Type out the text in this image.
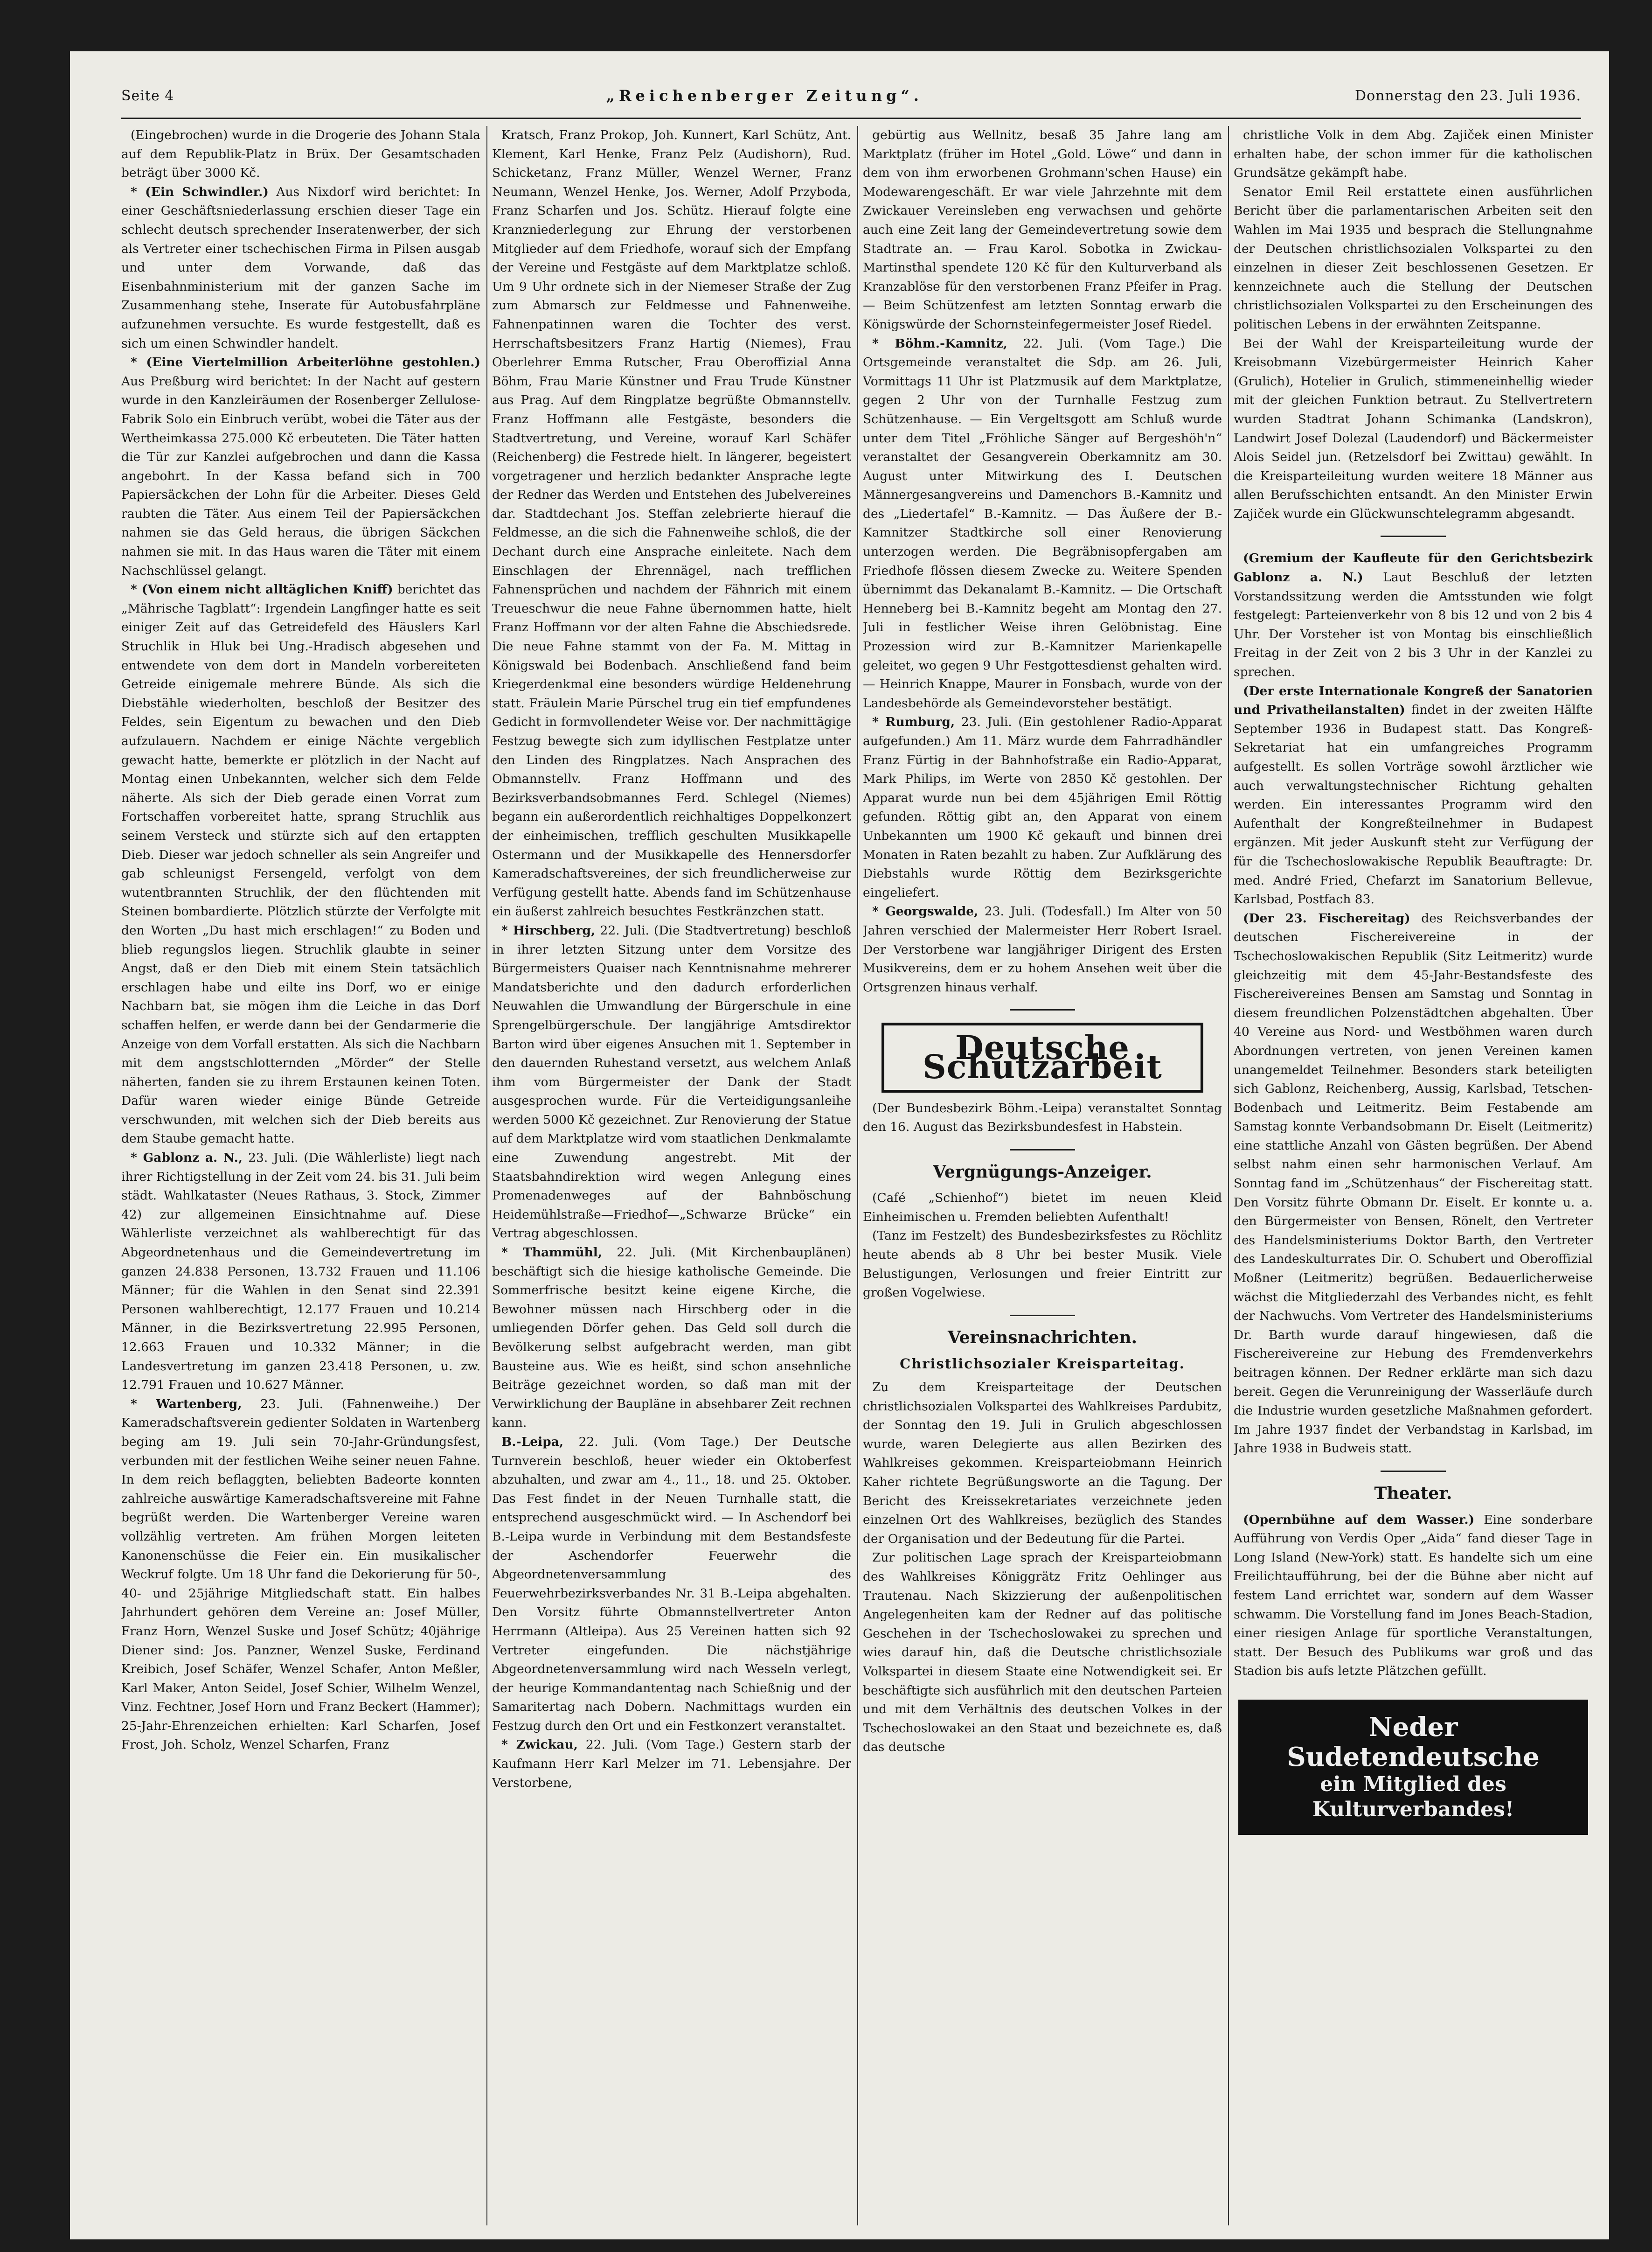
Seite 4	„Reichenberger Zeitung“.	Donnerstag den 23. Juli 1936.

(Eingebrochen) wurde in die Drogerie des Johann Stala auf dem Republik-Platz in Brüx. Der Gesamtschaden beträgt über 3000 Kč.

* (Ein Schwindler.) Aus Nixdorf wird berichtet: In einer Geschäftsniederlassung erschien dieser Tage ein schlecht deutsch sprechender Inseratenwerber, der sich als Vertreter einer tschechischen Firma in Pilsen ausgab und unter dem Vorwande, daß das Eisenbahnministerium mit der ganzen Sache im Zusammenhang stehe, Inserate für Autobusfahrpläne aufzunehmen versuchte. Es wurde festgestellt, daß es sich um einen Schwindler handelt.

* (Eine Viertelmillion Arbeiterlöhne gestohlen.) Aus Preßburg wird berichtet: In der Nacht auf gestern wurde in den Kanzleiräumen der Rosenberger Zellulose-Fabrik Solo ein Einbruch verübt, wobei die Täter aus der Wertheimkassa 275.000 Kč erbeuteten. Die Täter hatten die Tür zur Kanzlei aufgebrochen und dann die Kassa angebohrt. In der Kassa befand sich in 700 Papiersäckchen der Lohn für die Arbeiter. Dieses Geld raubten die Täter. Aus einem Teil der Papiersäckchen nahmen sie das Geld heraus, die übrigen Säckchen nahmen sie mit. In das Haus waren die Täter mit einem Nachschlüssel gelangt.

* (Von einem nicht alltäglichen Kniff) berichtet das „Mährische Tagblatt“: Irgendein Langfinger hatte es seit einiger Zeit auf das Getreidefeld des Häuslers Karl Struchlik in Hluk bei Ung.-Hradisch abgesehen und entwendete von dem dort in Mandeln vorbereiteten Getreide einigemale mehrere Bünde. Als sich die Diebstähle wiederholten, beschloß der Besitzer des Feldes, sein Eigentum zu bewachen und den Dieb aufzulauern. Nachdem er einige Nächte vergeblich gewacht hatte, bemerkte er plötzlich in der Nacht auf Montag einen Unbekannten, welcher sich dem Felde näherte. Als sich der Dieb gerade einen Vorrat zum Fortschaffen vorbereitet hatte, sprang Struchlik aus seinem Versteck und stürzte sich auf den ertappten Dieb. Dieser war jedoch schneller als sein Angreifer und gab schleunigst Fersengeld, verfolgt von dem wutentbrannten Struchlik, der den flüchtenden mit Steinen bombardierte. Plötzlich stürzte der Verfolgte mit den Worten „Du hast mich erschlagen!“ zu Boden und blieb regungslos liegen. Struchlik glaubte in seiner Angst, daß er den Dieb mit einem Stein tatsächlich erschlagen habe und eilte ins Dorf, wo er einige Nachbarn bat, sie mögen ihm die Leiche in das Dorf schaffen helfen, er werde dann bei der Gendarmerie die Anzeige von dem Vorfall erstatten. Als sich die Nachbarn mit dem angstschlotternden „Mörder“ der Stelle näherten, fanden sie zu ihrem Erstaunen keinen Toten. Dafür waren wieder einige Bünde Getreide verschwunden, mit welchen sich der Dieb bereits aus dem Staube gemacht hatte.

* Gablonz a. N., 23. Juli. (Die Wählerliste) liegt nach ihrer Richtigstellung in der Zeit vom 24. bis 31. Juli beim städt. Wahlkataster (Neues Rathaus, 3. Stock, Zimmer 42) zur allgemeinen Einsichtnahme auf. Diese Wählerliste verzeichnet als wahlberechtigt für das Abgeordnetenhaus und die Gemeindevertretung im ganzen 24.838 Personen, 13.732 Frauen und 11.106 Männer; für die Wahlen in den Senat sind 22.391 Personen wahlberechtigt, 12.177 Frauen und 10.214 Männer, in die Bezirksvertretung 22.995 Personen, 12.663 Frauen und 10.332 Männer; in die Landesvertretung im ganzen 23.418 Personen, u. zw. 12.791 Frauen und 10.627 Männer.

* Wartenberg, 23. Juli. (Fahnenweihe.) Der Kameradschaftsverein gedienter Soldaten in Wartenberg beging am 19. Juli sein 70-Jahr-Gründungsfest, verbunden mit der festlichen Weihe seiner neuen Fahne. In dem reich beflaggten, beliebten Badeorte konnten zahlreiche auswärtige Kameradschaftsvereine mit Fahne begrüßt werden. Die Wartenberger Vereine waren vollzählig vertreten. Am frühen Morgen leiteten Kanonenschüsse die Feier ein. Ein musikalischer Weckruf folgte. Um 18 Uhr fand die Dekorierung für 50-, 40- und 25jährige Mitgliedschaft statt. Ein halbes Jahrhundert gehören dem Vereine an: Josef Müller, Franz Horn, Wenzel Suske und Josef Schütz; 40jährige Diener sind: Jos. Panzner, Wenzel Suske, Ferdinand Kreibich, Josef Schäfer, Wenzel Schafer, Anton Meßler, Karl Maker, Anton Seidel, Josef Schier, Wilhelm Wenzel, Vinz. Fechtner, Josef Horn und Franz Beckert (Hammer); 25-Jahr-Ehrenzeichen erhielten: Karl Scharfen, Josef Frost, Joh. Scholz, Wenzel Scharfen, Franz

Kratsch, Franz Prokop, Joh. Kunnert, Karl Schütz, Ant. Klement, Karl Henke, Franz Pelz (Audishorn), Rud. Schicketanz, Franz Müller, Wenzel Werner, Franz Neumann, Wenzel Henke, Jos. Werner, Adolf Przyboda, Franz Scharfen und Jos. Schütz. Hierauf folgte eine Kranzniederlegung zur Ehrung der verstorbenen Mitglieder auf dem Friedhofe, worauf sich der Empfang der Vereine und Festgäste auf dem Marktplatze schloß. Um 9 Uhr ordnete sich in der Niemeser Straße der Zug zum Abmarsch zur Feldmesse und Fahnenweihe. Fahnenpatinnen waren die Tochter des verst. Herrschaftsbesitzers Franz Hartig (Niemes), Frau Oberlehrer Emma Rutscher, Frau Oberoffizial Anna Böhm, Frau Marie Künstner und Frau Trude Künstner aus Prag. Auf dem Ringplatze begrüßte Obmannstellv. Franz Hoffmann alle Festgäste, besonders die Stadtvertretung, und Vereine, worauf Karl Schäfer (Reichenberg) die Festrede hielt. In längerer, begeistert vorgetragener und herzlich bedankter Ansprache legte der Redner das Werden und Entstehen des Jubelvereines dar. Stadtdechant Jos. Steffan zelebrierte hierauf die Feldmesse, an die sich die Fahnenweihe schloß, die der Dechant durch eine Ansprache einleitete. Nach dem Einschlagen der Ehrennägel, nach trefflichen Fahnensprüchen und nachdem der Fähnrich mit einem Treueschwur die neue Fahne übernommen hatte, hielt Franz Hoffmann vor der alten Fahne die Abschiedsrede. Die neue Fahne stammt von der Fa. M. Mittag in Königswald bei Bodenbach. Anschließend fand beim Kriegerdenkmal eine besonders würdige Heldenehrung statt. Fräulein Marie Pürschel trug ein tief empfundenes Gedicht in formvollendeter Weise vor. Der nachmittägige Festzug bewegte sich zum idyllischen Festplatze unter den Linden des Ringplatzes. Nach Ansprachen des Obmannstellv. Franz Hoffmann und des Bezirksverbandsobmannes Ferd. Schlegel (Niemes) begann ein außerordentlich reichhaltiges Doppelkonzert der einheimischen, trefflich geschulten Musikkapelle Ostermann und der Musikkapelle des Hennersdorfer Kameradschaftsvereines, der sich freundlicherweise zur Verfügung gestellt hatte. Abends fand im Schützenhause ein äußerst zahlreich besuchtes Festkränzchen statt.

* Hirschberg, 22. Juli. (Die Stadtvertretung) beschloß in ihrer letzten Sitzung unter dem Vorsitze des Bürgermeisters Quaiser nach Kenntnisnahme mehrerer Mandatsberichte und den dadurch erforderlichen Neuwahlen die Umwandlung der Bürgerschule in eine Sprengelbürgerschule. Der langjährige Amtsdirektor Barton wird über eigenes Ansuchen mit 1. September in den dauernden Ruhestand versetzt, aus welchem Anlaß ihm vom Bürgermeister der Dank der Stadt ausgesprochen wurde. Für die Verteidigungsanleihe werden 5000 Kč gezeichnet. Zur Renovierung der Statue auf dem Marktplatze wird vom staatlichen Denkmalamte eine Zuwendung angestrebt. Mit der Staatsbahndirektion wird wegen Anlegung eines Promenadenweges auf der Bahnböschung Heidemühlstraße—Friedhof—„Schwarze Brücke“ ein Vertrag abgeschlossen.

* Thammühl, 22. Juli. (Mit Kirchenbauplänen) beschäftigt sich die hiesige katholische Gemeinde. Die Sommerfrische besitzt keine eigene Kirche, die Bewohner müssen nach Hirschberg oder in die umliegenden Dörfer gehen. Das Geld soll durch die Bevölkerung selbst aufgebracht werden, man gibt Bausteine aus. Wie es heißt, sind schon ansehnliche Beiträge gezeichnet worden, so daß man mit der Verwirklichung der Baupläne in absehbarer Zeit rechnen kann.

B.-Leipa, 22. Juli. (Vom Tage.) Der Deutsche Turnverein beschloß, heuer wieder ein Oktoberfest abzuhalten, und zwar am 4., 11., 18. und 25. Oktober. Das Fest findet in der Neuen Turnhalle statt, die entsprechend ausgeschmückt wird. — In Aschendorf bei B.-Leipa wurde in Verbindung mit dem Bestandsfeste der Aschendorfer Feuerwehr die Abgeordnetenversammlung des Feuerwehrbezirksverbandes Nr. 31 B.-Leipa abgehalten. Den Vorsitz führte Obmannstellvertreter Anton Herrmann (Altleipa). Aus 25 Vereinen hatten sich 92 Vertreter eingefunden. Die nächstjährige Abgeordnetenversammlung wird nach Wesseln verlegt, der heurige Kommandantentag nach Schießnig und der Samaritertag nach Dobern. Nachmittags wurden ein Festzug durch den Ort und ein Festkonzert veranstaltet.

* Zwickau, 22. Juli. (Vom Tage.) Gestern starb der Kaufmann Herr Karl Melzer im 71. Lebensjahre. Der Verstorbene,

gebürtig aus Wellnitz, besaß 35 Jahre lang am Marktplatz (früher im Hotel „Gold. Löwe“ und dann in dem von ihm erworbenen Grohmann'schen Hause) ein Modewarengeschäft. Er war viele Jahrzehnte mit dem Zwickauer Vereinsleben eng verwachsen und gehörte auch eine Zeit lang der Gemeindevertretung sowie dem Stadtrate an. — Frau Karol. Sobotka in Zwickau-Martinsthal spendete 120 Kč für den Kulturverband als Kranzablöse für den verstorbenen Franz Pfeifer in Prag. — Beim Schützenfest am letzten Sonntag erwarb die Königswürde der Schornsteinfegermeister Josef Riedel.

* Böhm.-Kamnitz, 22. Juli. (Vom Tage.) Die Ortsgemeinde veranstaltet die Sdp. am 26. Juli, Vormittags 11 Uhr ist Platzmusik auf dem Marktplatze, gegen 2 Uhr von der Turnhalle Festzug zum Schützenhause. — Ein Vergeltsgott am Schluß wurde unter dem Titel „Fröhliche Sänger auf Bergeshöh'n“ veranstaltet der Gesangverein Oberkamnitz am 30. August unter Mitwirkung des I. Deutschen Männergesangvereins und Damenchors B.-Kamnitz und des „Liedertafel“ B.-Kamnitz. — Das Äußere der B.-Kamnitzer Stadtkirche soll einer Renovierung unterzogen werden. Die Begräbnisopfergaben am Friedhofe flössen diesem Zwecke zu. Weitere Spenden übernimmt das Dekanalamt B.-Kamnitz. — Die Ortschaft Henneberg bei B.-Kamnitz begeht am Montag den 27. Juli in festlicher Weise ihren Gelöbnistag. Eine Prozession wird zur B.-Kamnitzer Marienkapelle geleitet, wo gegen 9 Uhr Festgottesdienst gehalten wird. — Heinrich Knappe, Maurer in Fonsbach, wurde von der Landesbehörde als Gemeindevorsteher bestätigt.

* Rumburg, 23. Juli. (Ein gestohlener Radio-Apparat aufgefunden.) Am 11. März wurde dem Fahrradhändler Franz Fürtig in der Bahnhofstraße ein Radio-Apparat, Mark Philips, im Werte von 2850 Kč gestohlen. Der Apparat wurde nun bei dem 45jährigen Emil Röttig gefunden. Röttig gibt an, den Apparat von einem Unbekannten um 1900 Kč gekauft und binnen drei Monaten in Raten bezahlt zu haben. Zur Aufklärung des Diebstahls wurde Röttig dem Bezirksgerichte eingeliefert.

* Georgswalde, 23. Juli. (Todesfall.) Im Alter von 50 Jahren verschied der Malermeister Herr Robert Israel. Der Verstorbene war langjähriger Dirigent des Ersten Musikvereins, dem er zu hohem Ansehen weit über die Ortsgrenzen hinaus verhalf.

Deutsche Schutzarbeit

(Der Bundesbezirk Böhm.-Leipa) veranstaltet Sonntag den 16. August das Bezirksbundesfest in Habstein.

Vergnügungs-Anzeiger.

(Café „Schienhof“) bietet im neuen Kleid Einheimischen u. Fremden beliebten Aufenthalt!

(Tanz im Festzelt) des Bundesbezirksfestes zu Röchlitz heute abends ab 8 Uhr bei bester Musik. Viele Belustigungen, Verlosungen und freier Eintritt zur großen Vogelwiese.

Vereinsnachrichten.
Christlichsozialer Kreisparteitag.

Zu dem Kreisparteitage der Deutschen christlichsozialen Volkspartei des Wahlkreises Pardubitz, der Sonntag den 19. Juli in Grulich abgeschlossen wurde, waren Delegierte aus allen Bezirken des Wahlkreises gekommen. Kreisparteiobmann Heinrich Kaher richtete Begrüßungsworte an die Tagung. Der Bericht des Kreissekretariates verzeichnete jeden einzelnen Ort des Wahlkreises, bezüglich des Standes der Organisation und der Bedeutung für die Partei.

Zur politischen Lage sprach der Kreisparteiobmann des Wahlkreises Königgrätz Fritz Oehlinger aus Trautenau. Nach Skizzierung der außenpolitischen Angelegenheiten kam der Redner auf das politische Geschehen in der Tschechoslowakei zu sprechen und wies darauf hin, daß die Deutsche christlichsoziale Volkspartei in diesem Staate eine Notwendigkeit sei. Er beschäftigte sich ausführlich mit den deutschen Parteien und mit dem Verhältnis des deutschen Volkes in der Tschechoslowakei an den Staat und bezeichnete es, daß das deutsche

christliche Volk in dem Abg. Zajiček einen Minister erhalten habe, der schon immer für die katholischen Grundsätze gekämpft habe.

Senator Emil Reil erstattete einen ausführlichen Bericht über die parlamentarischen Arbeiten seit den Wahlen im Mai 1935 und besprach die Stellungnahme der Deutschen christlichsozialen Volkspartei zu den einzelnen in dieser Zeit beschlossenen Gesetzen. Er kennzeichnete auch die Stellung der Deutschen christlichsozialen Volkspartei zu den Erscheinungen des politischen Lebens in der erwähnten Zeitspanne.

Bei der Wahl der Kreisparteileitung wurde der Kreisobmann Vizebürgermeister Heinrich Kaher (Grulich), Hotelier in Grulich, stimmeneinhellig wieder mit der gleichen Funktion betraut. Zu Stellvertretern wurden Stadtrat Johann Schimanka (Landskron), Landwirt Josef Dolezal (Laudendorf) und Bäckermeister Alois Seidel jun. (Retzelsdorf bei Zwittau) gewählt. In die Kreisparteileitung wurden weitere 18 Männer aus allen Berufsschichten entsandt. An den Minister Erwin Zajiček wurde ein Glückwunschtelegramm abgesandt.

(Gremium der Kaufleute für den Gerichtsbezirk Gablonz a. N.) Laut Beschluß der letzten Vorstandssitzung werden die Amtsstunden wie folgt festgelegt: Parteienverkehr von 8 bis 12 und von 2 bis 4 Uhr. Der Vorsteher ist von Montag bis einschließlich Freitag in der Zeit von 2 bis 3 Uhr in der Kanzlei zu sprechen.

(Der erste Internationale Kongreß der Sanatorien und Privatheilanstalten) findet in der zweiten Hälfte September 1936 in Budapest statt. Das Kongreß-Sekretariat hat ein umfangreiches Programm aufgestellt. Es sollen Vorträge sowohl ärztlicher wie auch verwaltungstechnischer Richtung gehalten werden. Ein interessantes Programm wird den Aufenthalt der Kongreßteilnehmer in Budapest ergänzen. Mit jeder Auskunft steht zur Verfügung der für die Tschechoslowakische Republik Beauftragte: Dr. med. André Fried, Chefarzt im Sanatorium Bellevue, Karlsbad, Postfach 83.

(Der 23. Fischereitag) des Reichsverbandes der deutschen Fischereivereine in der Tschechoslowakischen Republik (Sitz Leitmeritz) wurde gleichzeitig mit dem 45-Jahr-Bestandsfeste des Fischereivereines Bensen am Samstag und Sonntag in diesem freundlichen Polzenstädtchen abgehalten. Über 40 Vereine aus Nord- und Westböhmen waren durch Abordnungen vertreten, von jenen Vereinen kamen unangemeldet Teilnehmer. Besonders stark beteiligten sich Gablonz, Reichenberg, Aussig, Karlsbad, Tetschen-Bodenbach und Leitmeritz. Beim Festabende am Samstag konnte Verbandsobmann Dr. Eiselt (Leitmeritz) eine stattliche Anzahl von Gästen begrüßen. Der Abend selbst nahm einen sehr harmonischen Verlauf. Am Sonntag fand im „Schützenhaus“ der Fischereitag statt. Den Vorsitz führte Obmann Dr. Eiselt. Er konnte u. a. den Bürgermeister von Bensen, Rönelt, den Vertreter des Handelsministeriums Doktor Barth, den Vertreter des Landeskulturrates Dir. O. Schubert und Oberoffizial Moßner (Leitmeritz) begrüßen. Bedauerlicherweise wächst die Mitgliederzahl des Verbandes nicht, es fehlt der Nachwuchs. Vom Vertreter des Handelsministeriums Dr. Barth wurde darauf hingewiesen, daß die Fischereivereine zur Hebung des Fremdenverkehrs beitragen können. Der Redner erklärte man sich dazu bereit. Gegen die Verunreinigung der Wasserläufe durch die Industrie wurden gesetzliche Maßnahmen gefordert. Im Jahre 1937 findet der Verbandstag in Karlsbad, im Jahre 1938 in Budweis statt.

Theater.

(Opernbühne auf dem Wasser.) Eine sonderbare Aufführung von Verdis Oper „Aida“ fand dieser Tage in Long Island (New-York) statt. Es handelte sich um eine Freilichtaufführung, bei der die Bühne aber nicht auf festem Land errichtet war, sondern auf dem Wasser schwamm. Die Vorstellung fand im Jones Beach-Stadion, einer riesigen Anlage für sportliche Veranstaltungen, statt. Der Besuch des Publikums war groß und das Stadion bis aufs letzte Plätzchen gefüllt.

Neder Sudetendeutsche
ein Mitglied des Kulturverbandes!
